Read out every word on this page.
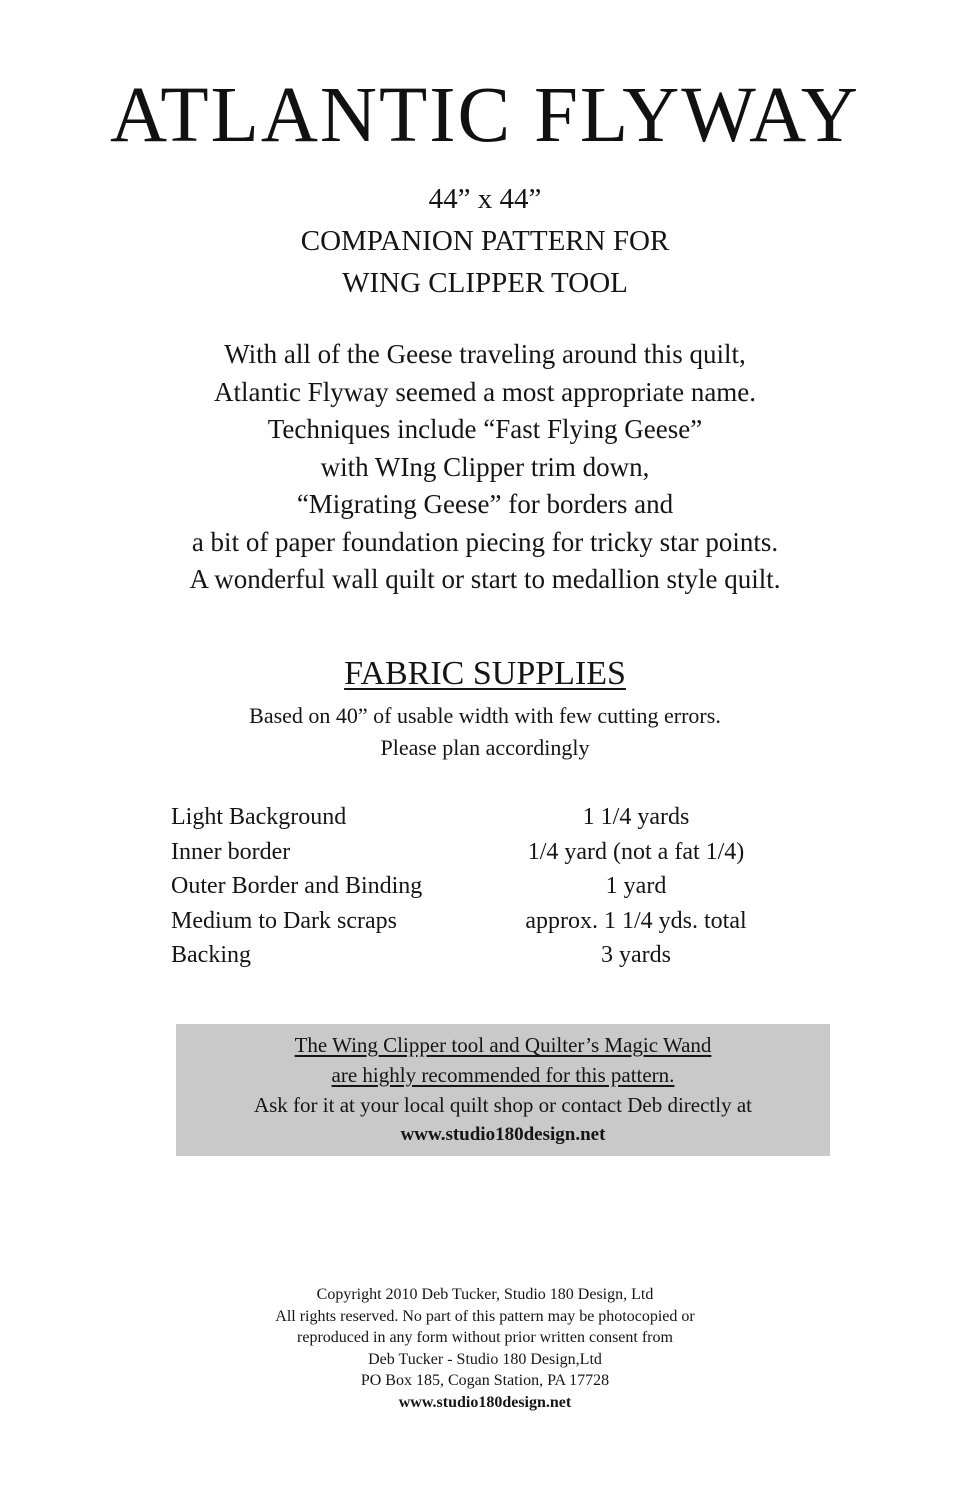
ATLANTIC FLYWAY
44” x 44”
COMPANION PATTERN FOR
WING CLIPPER TOOL
With all of the Geese traveling around this quilt,
Atlantic Flyway seemed a most appropriate name.
Techniques include “Fast Flying Geese”
with WIng Clipper trim down,
“Migrating Geese” for borders and
a bit of paper foundation piecing for tricky star points.
A wonderful wall quilt or start to medallion style quilt.
FABRIC SUPPLIES
Based on 40” of usable width with few cutting errors.
Please plan accordingly
Light Background	1 1/4 yards
Inner border	1/4 yard (not a fat 1/4)
Outer Border and Binding	1 yard
Medium to Dark scraps	approx. 1 1/4 yds. total
Backing	3 yards
The Wing Clipper tool and Quilter’s Magic Wand
are highly recommended for this pattern.
Ask for it at your local quilt shop or contact Deb directly at
www.studio180design.net
Copyright 2010 Deb Tucker, Studio 180 Design, Ltd
All rights reserved. No part of this pattern may be photocopied or
reproduced in any form without prior written consent from
Deb Tucker - Studio 180 Design,Ltd
PO Box 185, Cogan Station, PA 17728
www.studio180design.net
